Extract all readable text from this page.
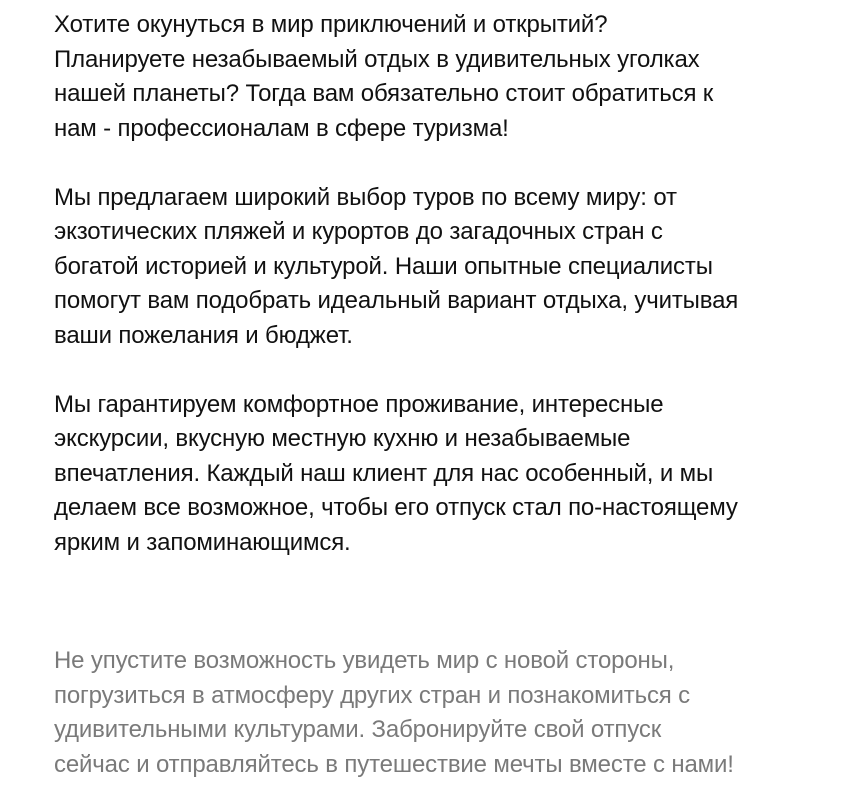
Хотите окунуться в мир приключений и открытий?
Планируете незабываемый отдых в удивительных уголках
нашей планеты? Тогда вам обязательно стоит обратиться к
нам - профессионалам в сфере туризма!

Мы предлагаем широкий выбор туров по всему миру: от
экзотических пляжей и курортов до загадочных стран с
богатой историей и культурой. Наши опытные специалисты
помогут вам подобрать идеальный вариант отдыха, учитывая
ваши пожелания и бюджет.

Мы гарантируем комфортное проживание, интересные
экскурсии, вкусную местную кухню и незабываемые
впечатления. Каждый наш клиент для нас особенный, и мы
делаем все возможное, чтобы его отпуск стал по-настоящему
ярким и запоминающимся.

Не упустите возможность увидеть мир с новой стороны,
погрузиться в атмосферу других стран и познакомиться с
удивительными культурами. Забронируйте свой отпуск
сейчас и отправляйтесь в путешествие мечты вместе с нами!
